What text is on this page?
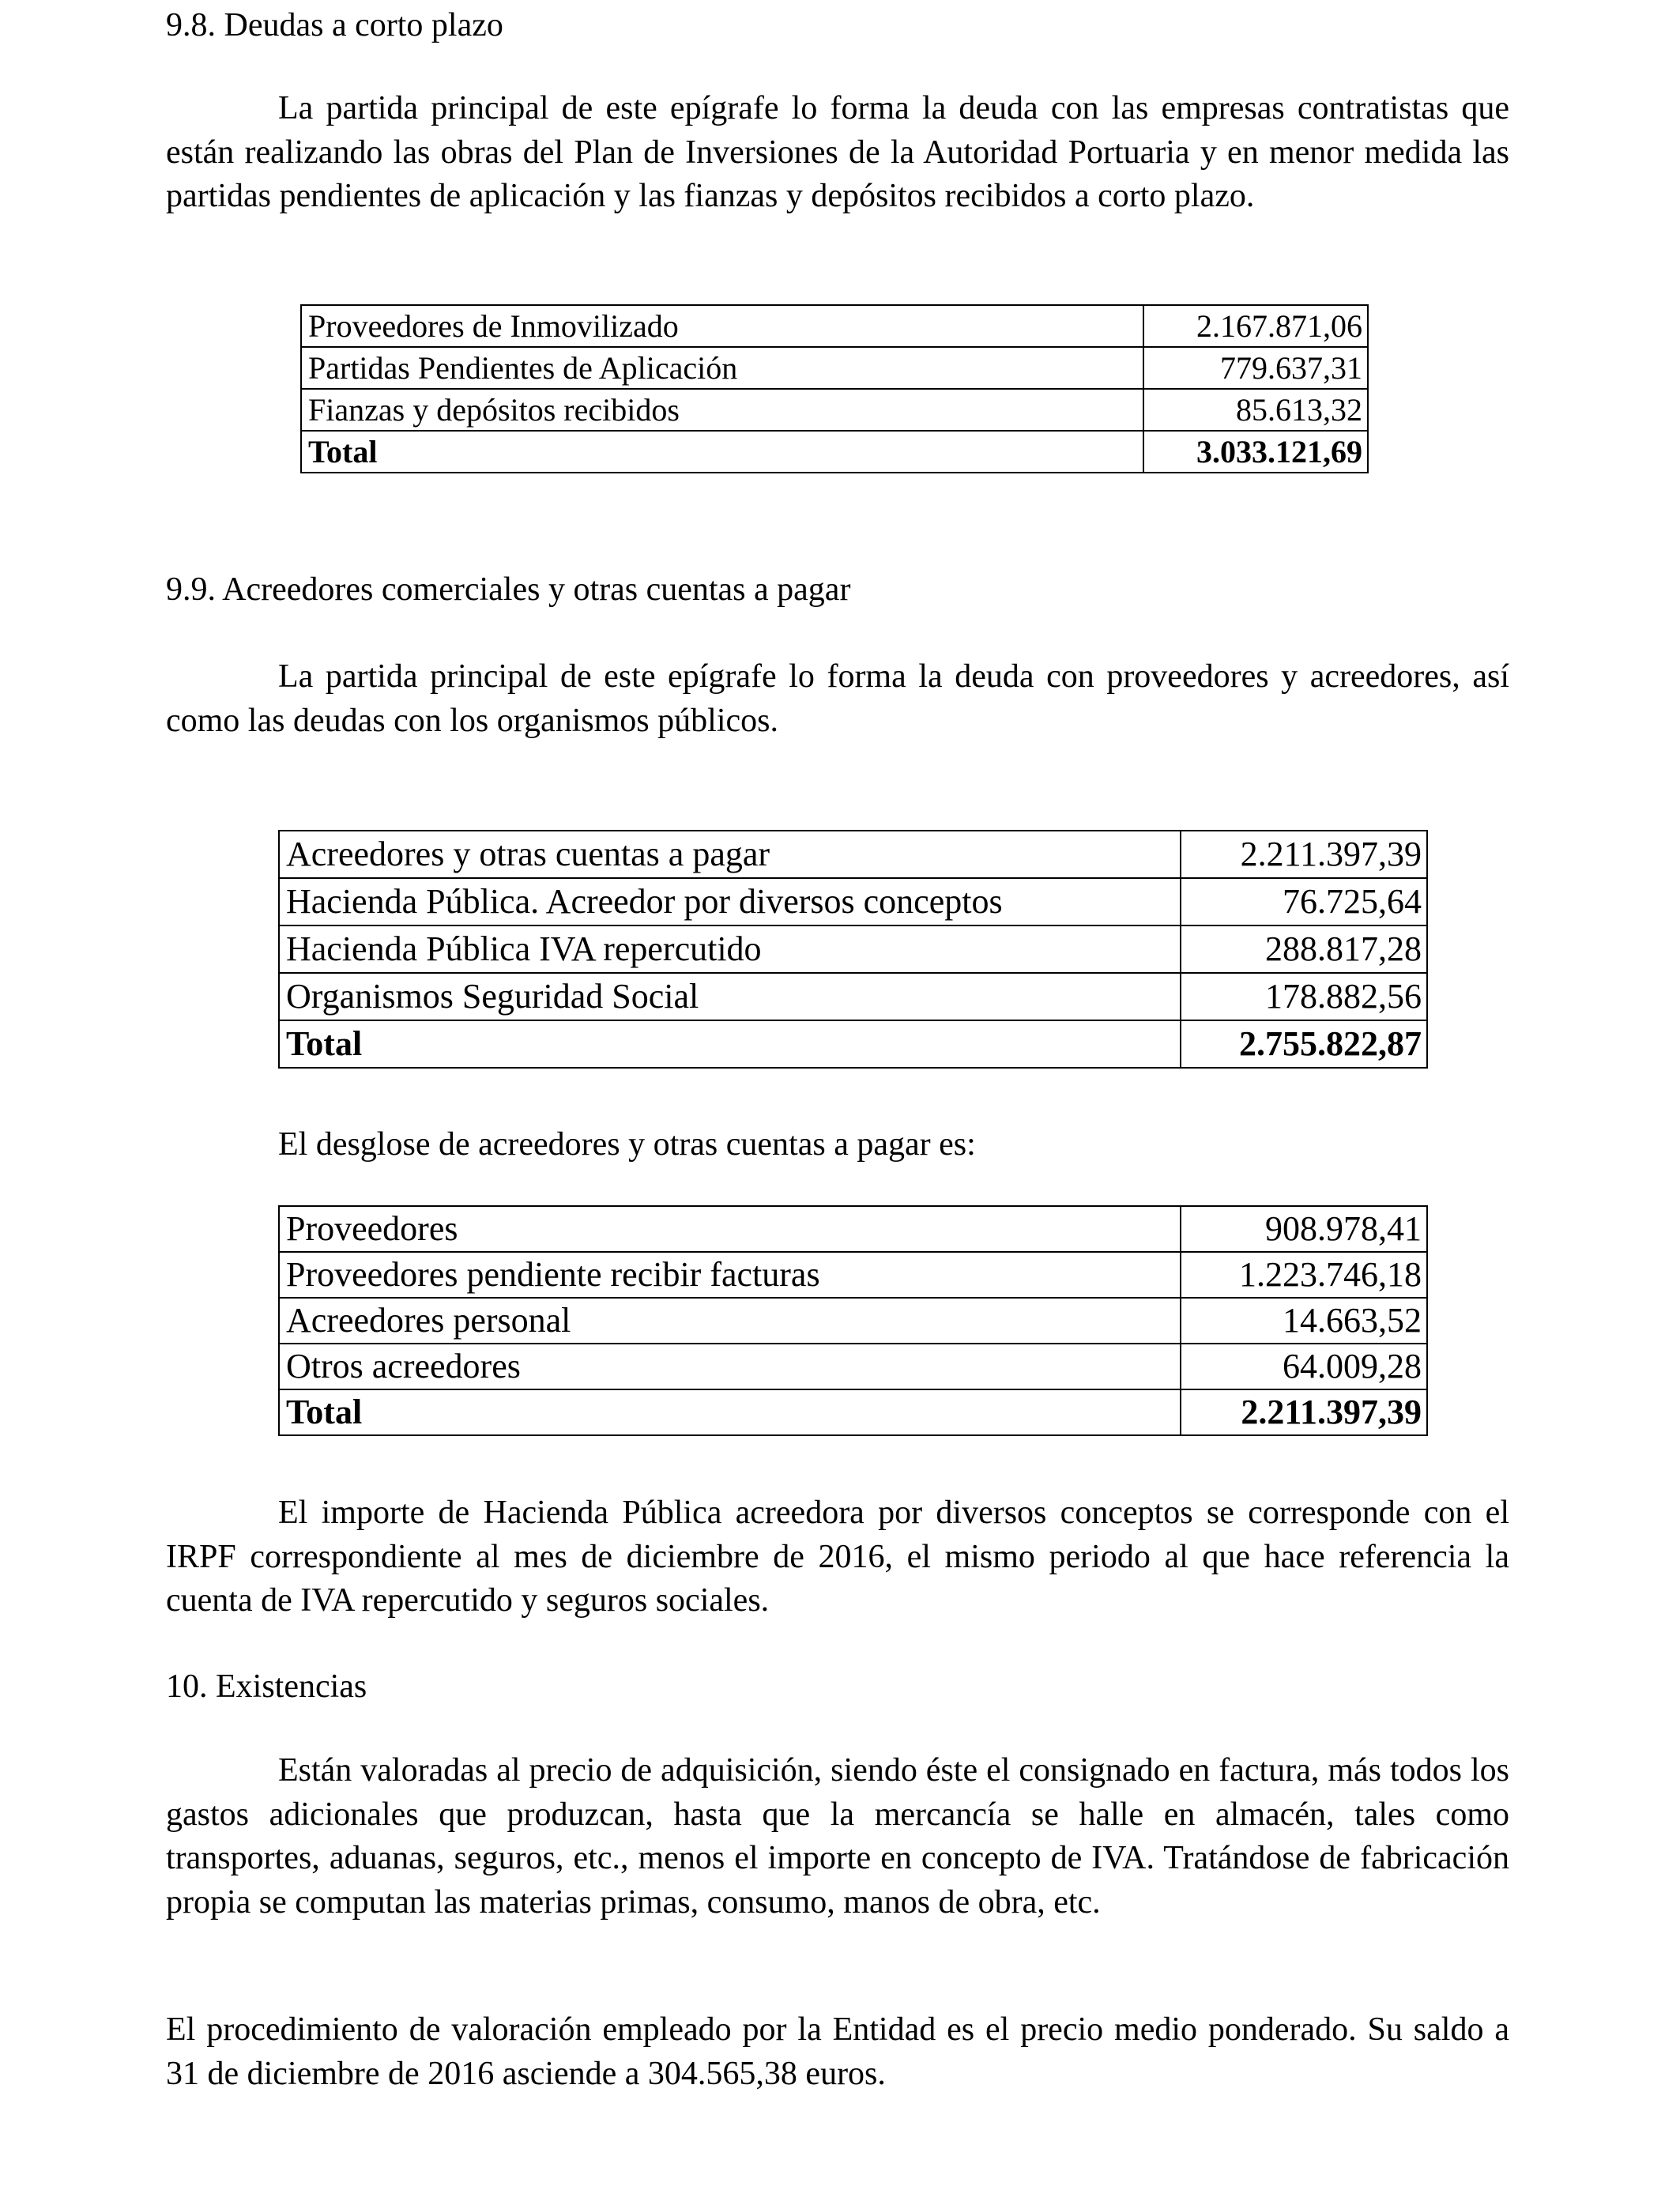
9.8. Deudas a corto plazo
La partida principal de este epígrafe lo forma la deuda con las empresas contratistas que están realizando las obras del Plan de Inversiones de la Autoridad Portuaria y en menor medida las partidas pendientes de aplicación y las fianzas y depósitos recibidos a corto plazo.
Proveedores de Inmovilizado	2.167.871,06
Partidas Pendientes de Aplicación	779.637,31
Fianzas y depósitos recibidos	85.613,32
Total	3.033.121,69
9.9. Acreedores comerciales y otras cuentas a pagar
La partida principal de este epígrafe lo forma la deuda con proveedores y acreedores, así como las deudas con los organismos públicos.
Acreedores y otras cuentas a pagar	2.211.397,39
Hacienda Pública. Acreedor por diversos conceptos	76.725,64
Hacienda Pública IVA repercutido	288.817,28
Organismos Seguridad Social	178.882,56
Total	2.755.822,87
El desglose de acreedores y otras cuentas a pagar es:
Proveedores	908.978,41
Proveedores pendiente recibir facturas	1.223.746,18
Acreedores personal	14.663,52
Otros acreedores	64.009,28
Total	2.211.397,39
El importe de Hacienda Pública acreedora por diversos conceptos se corresponde con el IRPF correspondiente al mes de diciembre de 2016, el mismo periodo al que hace referencia la cuenta de IVA repercutido y seguros sociales.
10. Existencias
Están valoradas al precio de adquisición, siendo éste el consignado en factura, más todos los gastos adicionales que produzcan, hasta que la mercancía se halle en almacén, tales como transportes, aduanas, seguros, etc., menos el importe en concepto de IVA. Tratándose de fabricación propia se computan las materias primas, consumo, manos de obra, etc.
El procedimiento de valoración empleado por la Entidad es el precio medio ponderado. Su saldo a 31 de diciembre de 2016 asciende a 304.565,38 euros.
